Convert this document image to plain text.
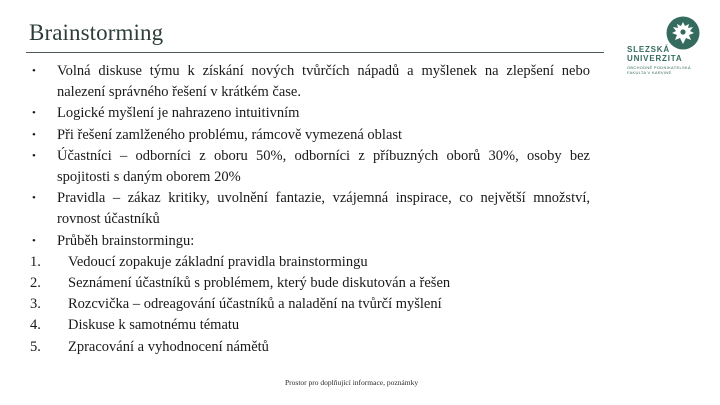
Brainstorming
SLEZSKÁ
UNIVERZITA
OBCHODNĚ PODNIKATELSKÁ
FAKULTA V KARVINÉ
• Volná diskuse týmu k získání nových tvůrčích nápadů a myšlenek na zlepšení nebo nalezení správného řešení v krátkém čase.
• Logické myšlení je nahrazeno intuitivním
• Při řešení zamlženého problému, rámcově vymezená oblast
• Účastníci – odborníci z oboru 50%, odborníci z příbuzných oborů 30%, osoby bez spojitosti s daným oborem 20%
• Pravidla – zákaz kritiky, uvolnění fantazie, vzájemná inspirace, co největší množství, rovnost účastníků
• Průběh brainstormingu:
1. Vedoucí zopakuje základní pravidla brainstormingu
2. Seznámení účastníků s problémem, který bude diskutován a řešen
3. Rozcvička – odreagování účastníků a naladění na tvůrčí myšlení
4. Diskuse k samotnému tématu
5. Zpracování a vyhodnocení námětů
Prostor pro doplňující informace, poznámky
